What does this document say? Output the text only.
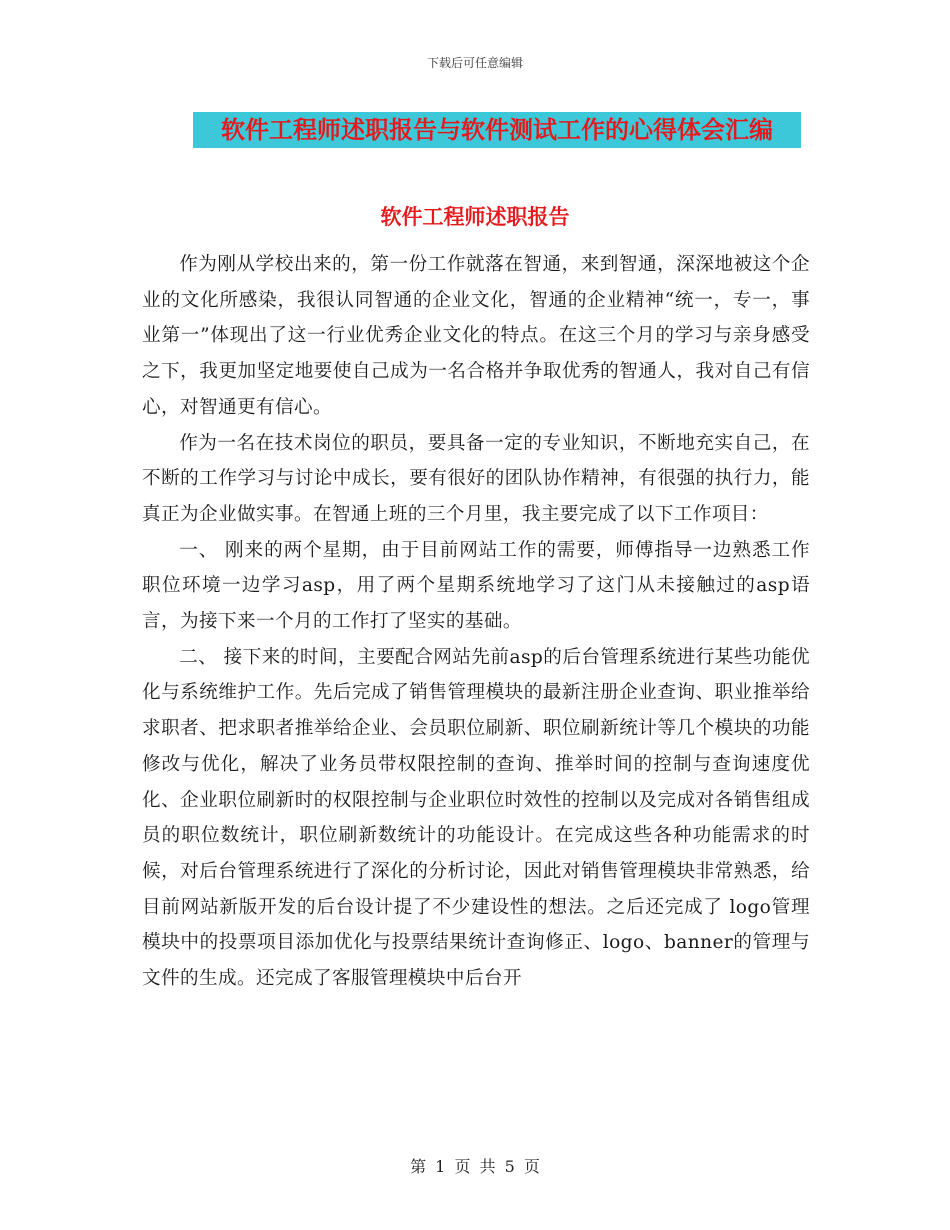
下载后可任意编辑
软件工程师述职报告与软件测试工作的心得体会汇编
软件工程师述职报告

作为刚从学校出来的，第一份工作就落在智通，来到智通，深深地被这个企业的文化所感染，我很认同智通的企业文化，智通的企业精神“统一，专一，事业第一”体现出了这一行业优秀企业文化的特点。在这三个月的学习与亲身感受之下，我更加坚定地要使自己成为一名合格并争取优秀的智通人，我对自己有信心，对智通更有信心。

作为一名在技术岗位的职员，要具备一定的专业知识，不断地充实自己，在不断的工作学习与讨论中成长，要有很好的团队协作精神，有很强的执行力，能真正为企业做实事。在智通上班的三个月里，我主要完成了以下工作项目：

一、 刚来的两个星期，由于目前网站工作的需要，师傅指导一边熟悉工作职位环境一边学习asp，用了两个星期系统地学习了这门从未接触过的asp语言，为接下来一个月的工作打了坚实的基础。

二、 接下来的时间，主要配合网站先前asp的后台管理系统进行某些功能优化与系统维护工作。先后完成了销售管理模块的最新注册企业查询、职业推举给求职者、把求职者推举给企业、会员职位刷新、职位刷新统计等几个模块的功能修改与优化，解决了业务员带权限控制的查询、推举时间的控制与查询速度优化、企业职位刷新时的权限控制与企业职位时效性的控制以及完成对各销售组成员的职位数统计，职位刷新数统计的功能设计。在完成这些各种功能需求的时候，对后台管理系统进行了深化的分析讨论，因此对销售管理模块非常熟悉，给目前网站新版开发的后台设计提了不少建设性的想法。之后还完成了 logo管理模块中的投票项目添加优化与投票结果统计查询修正、logo、banner的管理与文件的生成。还完成了客服管理模块中后台开

第 1 页 共 5 页
